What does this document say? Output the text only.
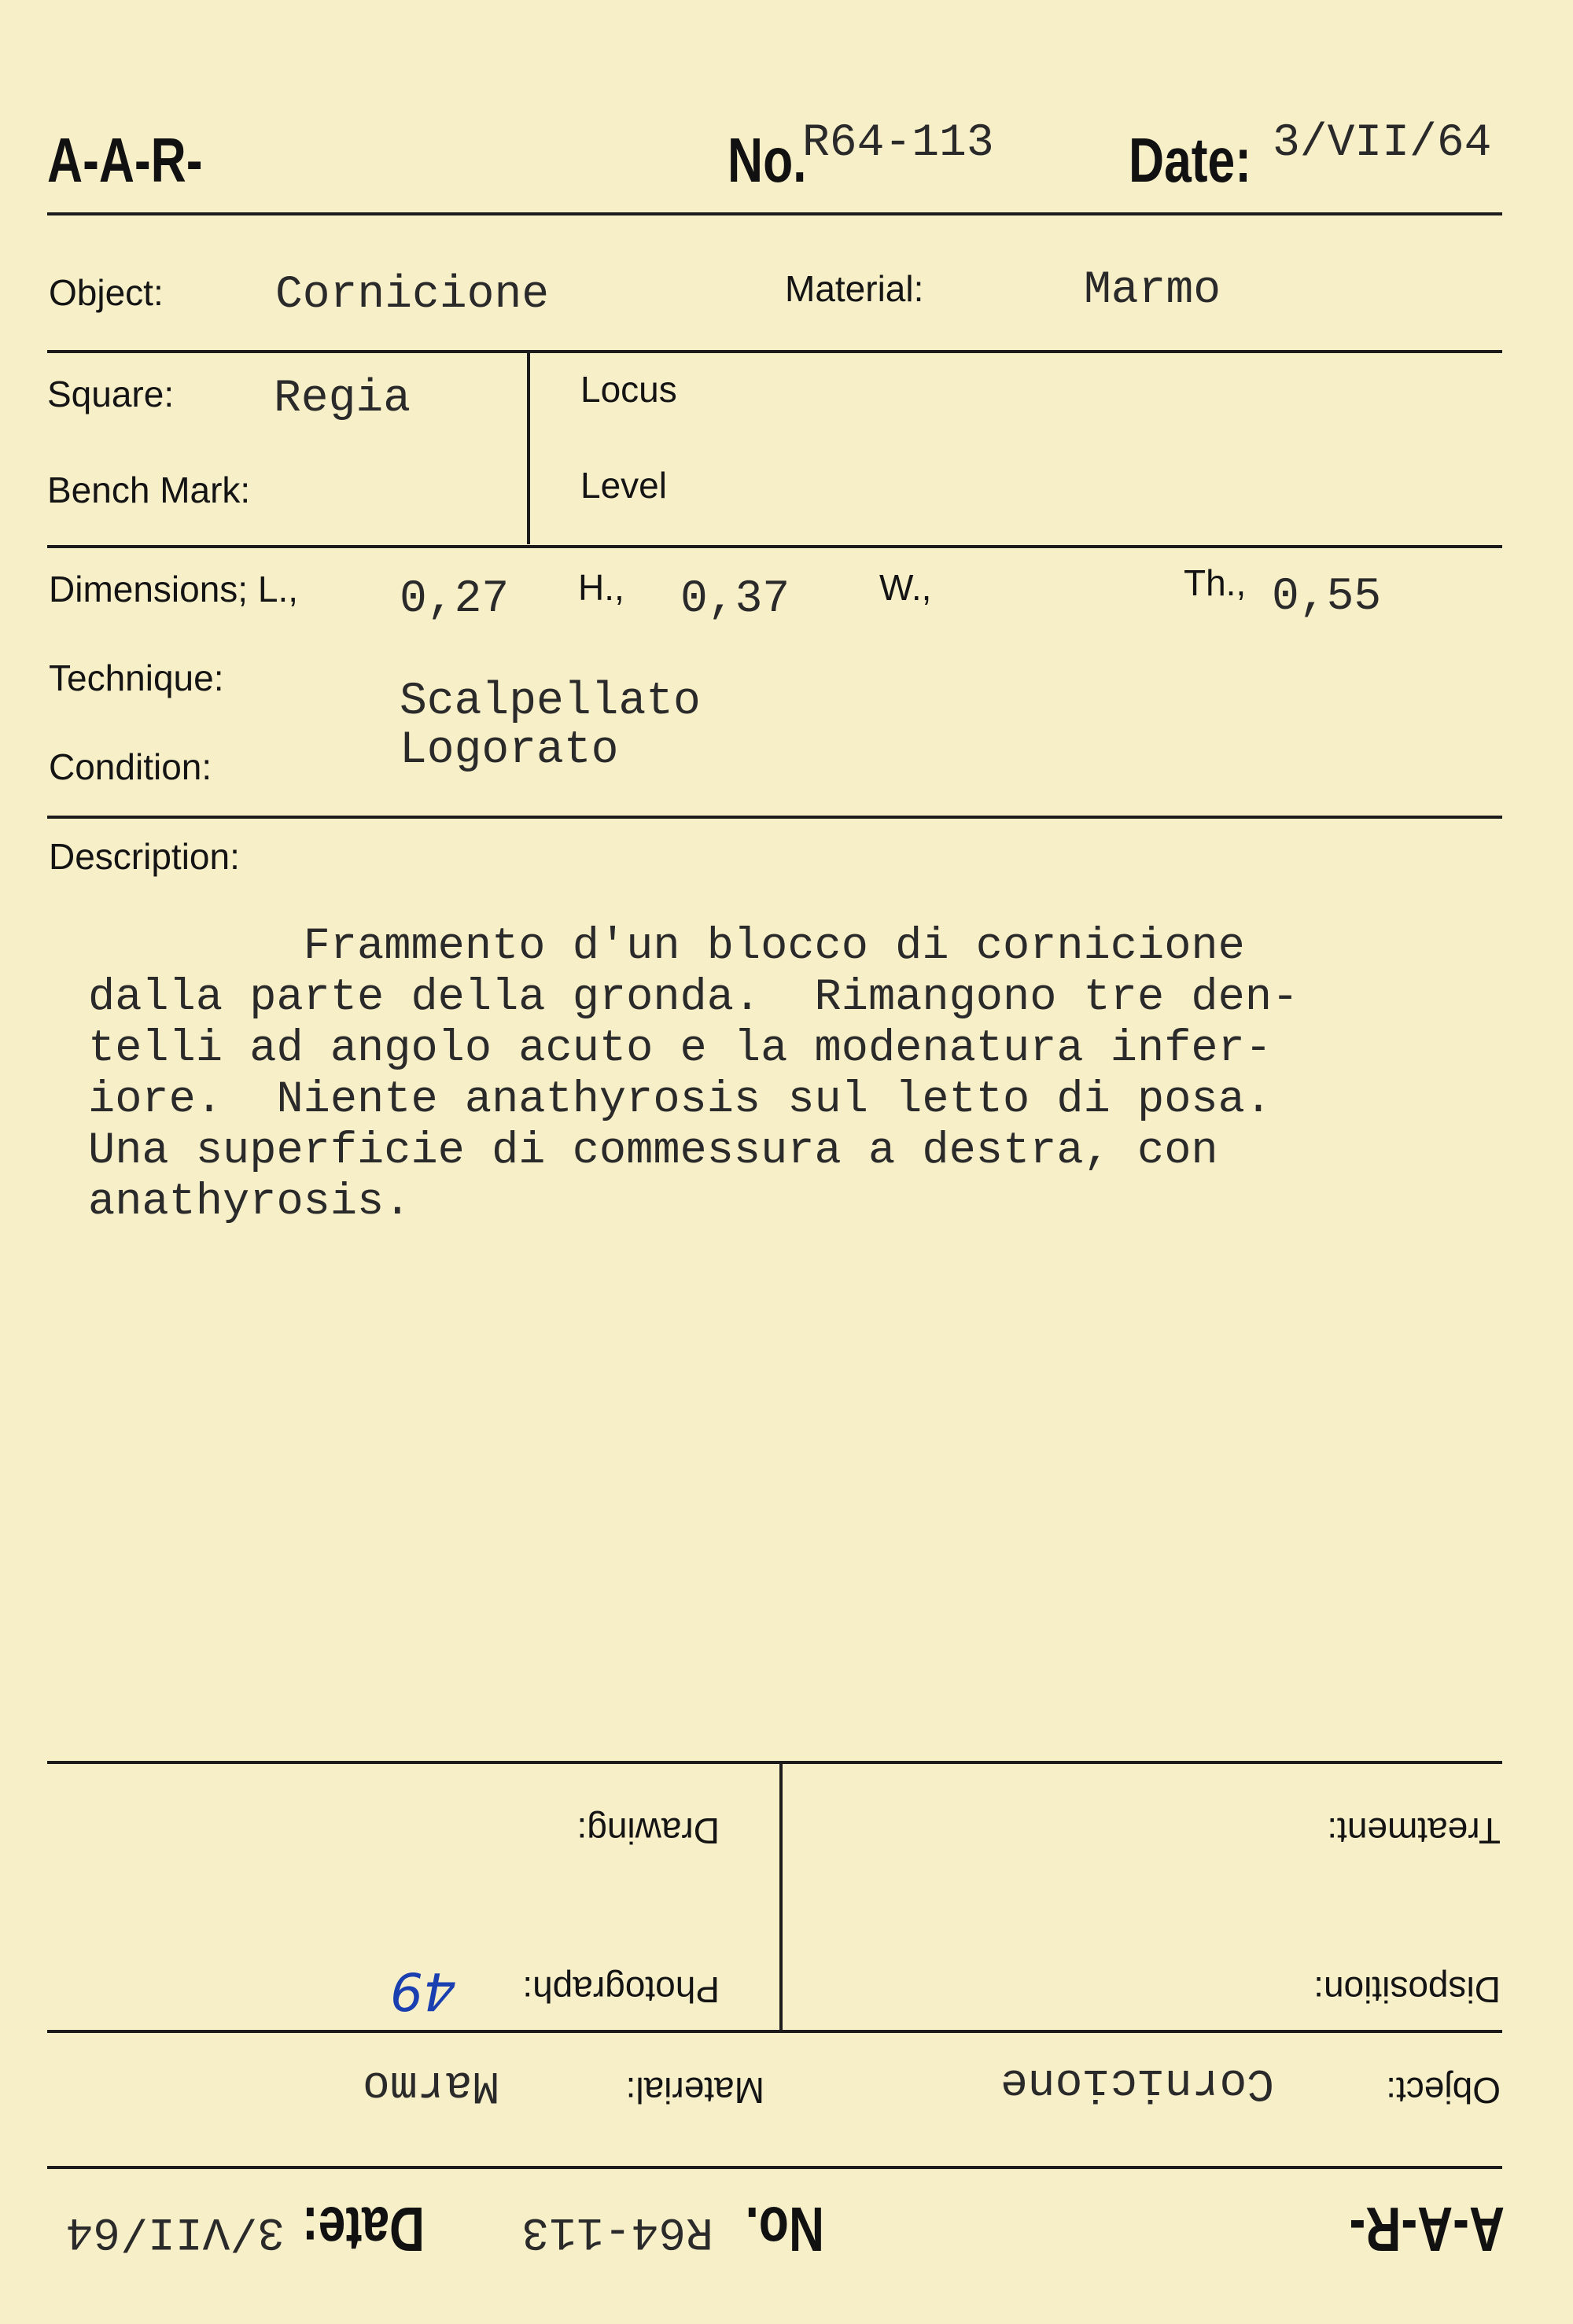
A-A-R-	No.
R64-113 Date: 3/VII/64
Object: Cornicione	Material:	Marmo
Square: Regia	Locus
Bench Mark:	Level
Dimensions; L., 0,27 H., 0,37 W.,	Th., 0,55
Technique:	Scalpellato
Condition:	Logorato
Description:
Frammento d'un blocco di cornicione
dalla parte della gronda.  Rimangono tre den-
telli ad angolo acuto e la modenatura infer-
iore.  Niente anathyrosis sul letto di posa.
Una superficie di commessura a destra, con
anathyrosis.
A-A-R-
No.
R64-113
Date:
3/VII/64
Object:
Cornicione
Material:
Marmo
Disposition:
Photograph:
49
Treatment:
Drawing:
